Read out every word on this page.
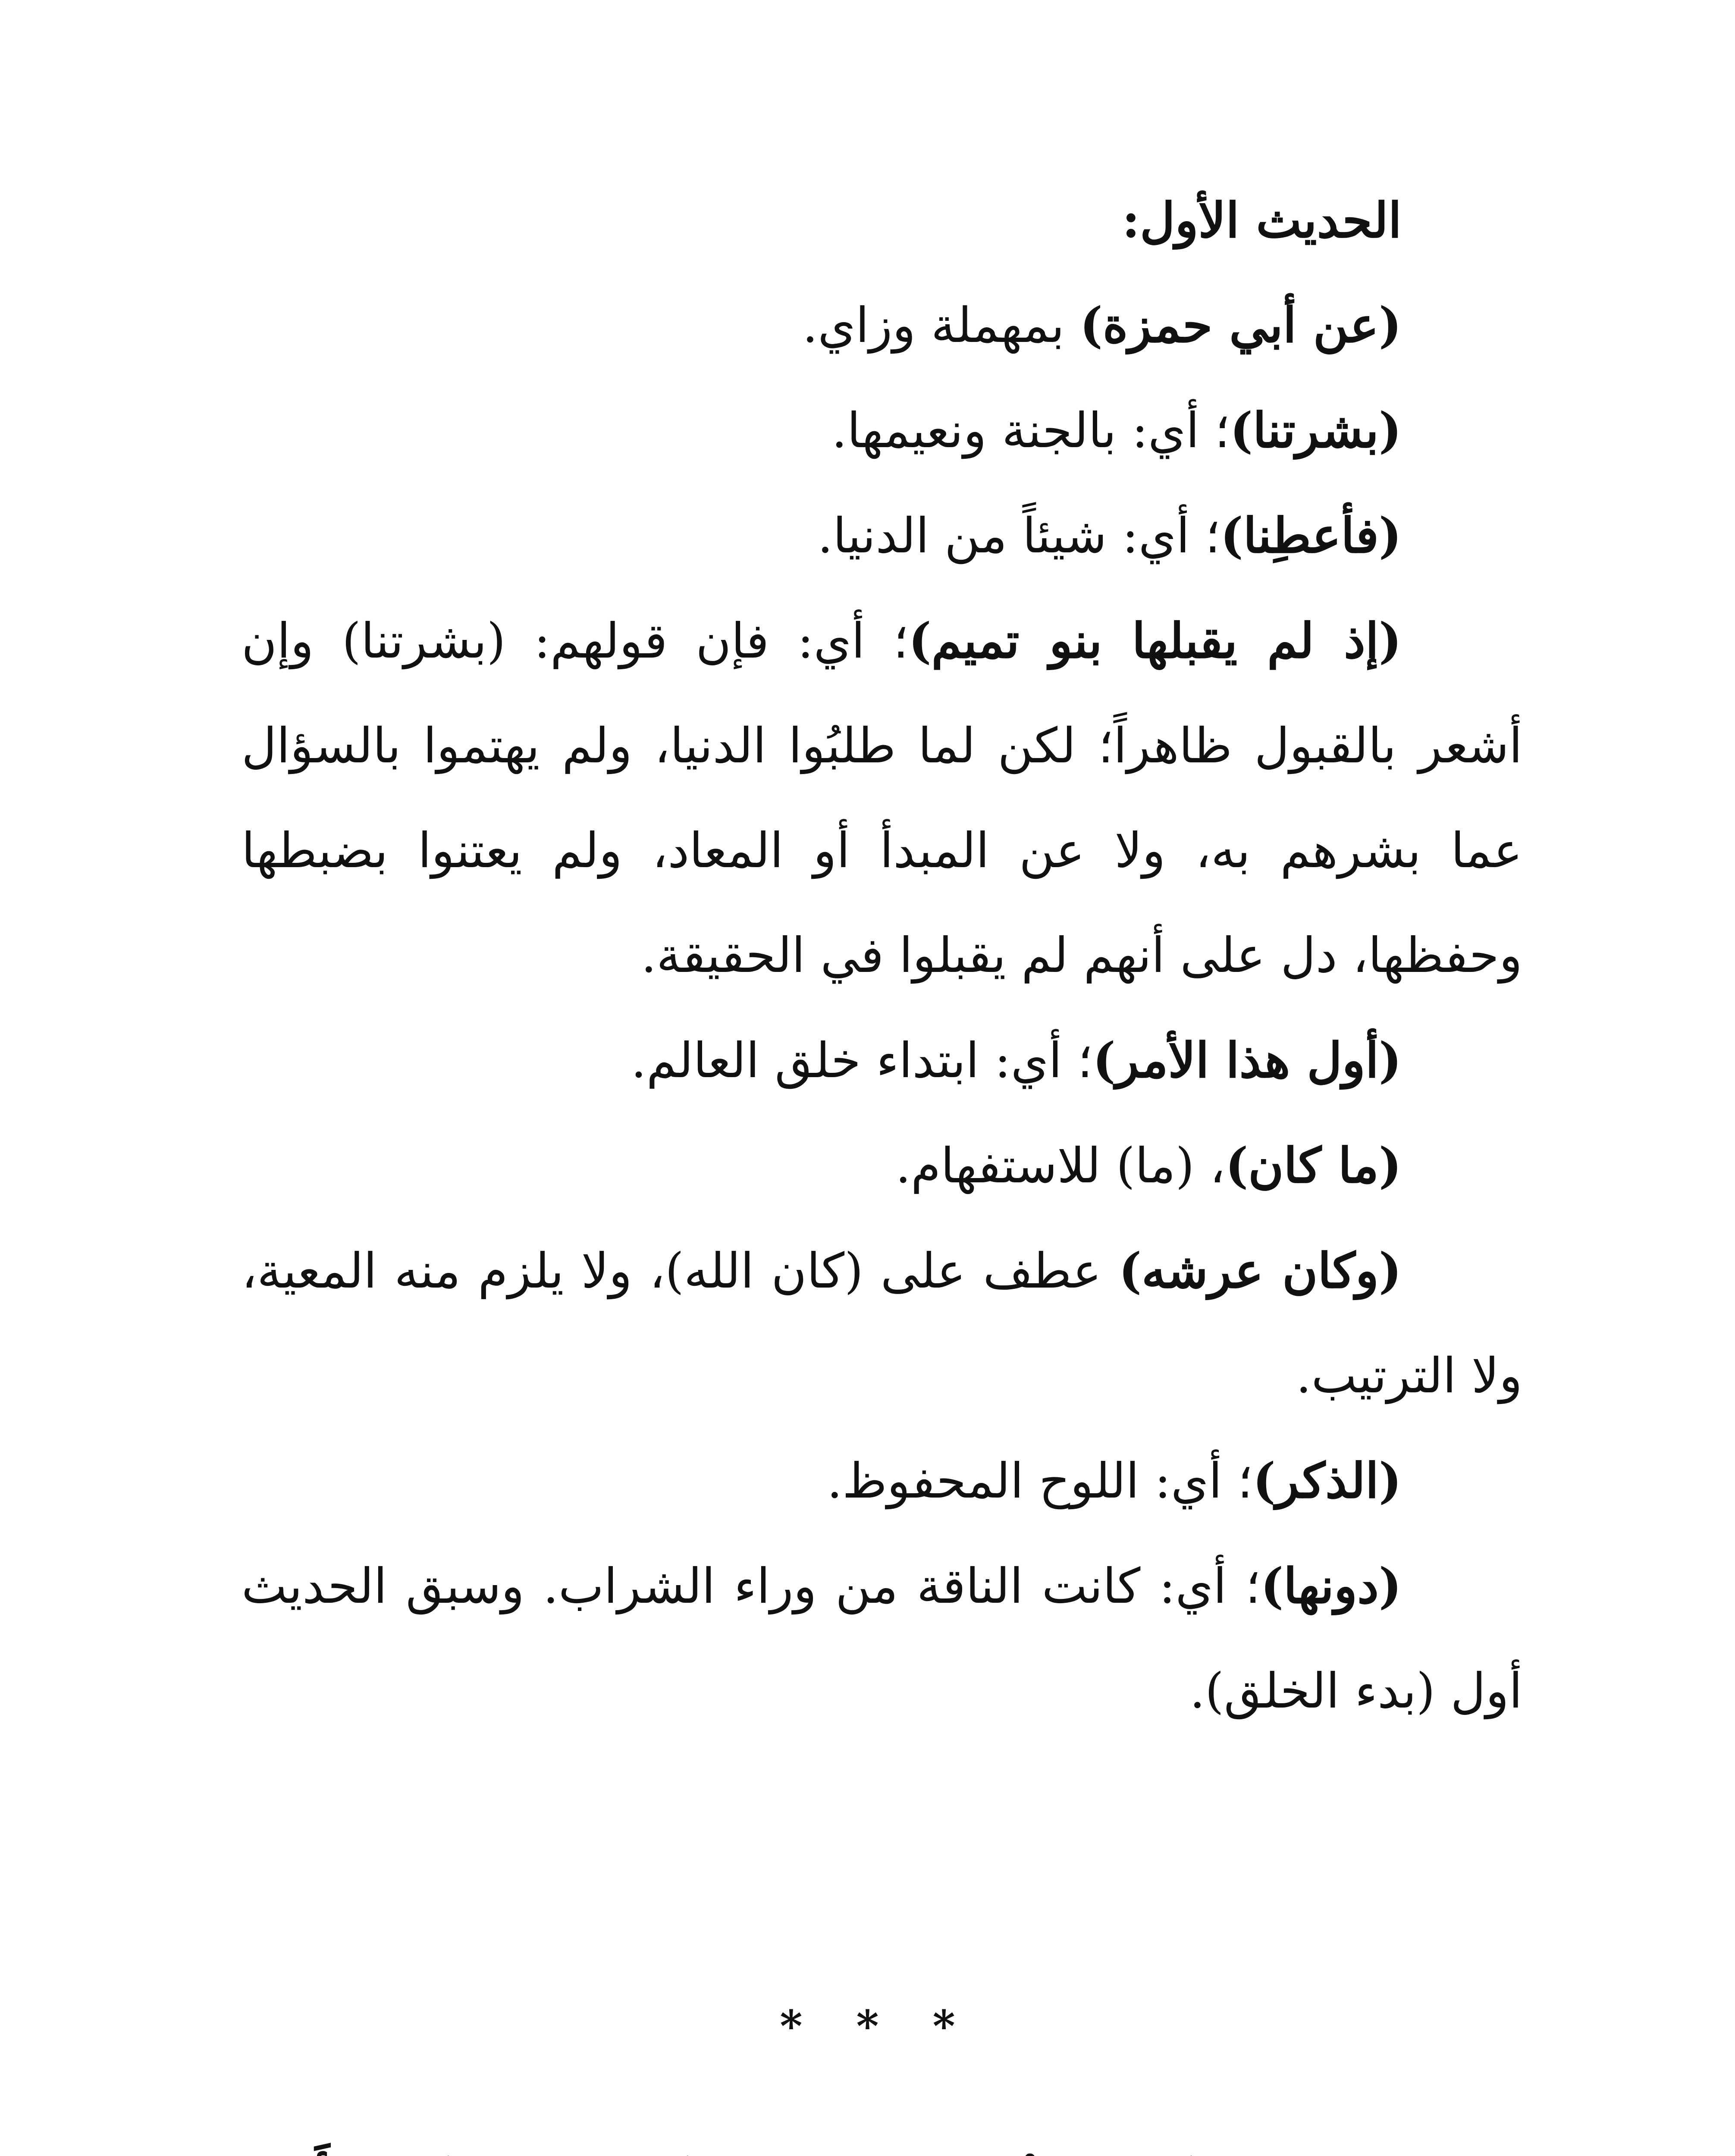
الحديث الأول:

(عن أبي حمزة) بمهملة وزاي.

(بشرتنا)؛ أي: بالجنة ونعيمها.

(فأعطِنا)؛ أي: شيئاً من الدنيا.

(إذ لم يقبلها بنو تميم)؛ أي: فإن قولهم: (بشرتنا) وإن أشعر بالقبول ظاهراً؛ لكن لما طلبُوا الدنيا، ولم يهتموا بالسؤال عما بشرهم به، ولا عن المبدأ أو المعاد، ولم يعتنوا بضبطها وحفظها، دل على أنهم لم يقبلوا في الحقيقة.

(أول هذا الأمر)؛ أي: ابتداء خلق العالم.

(ما كان)، (ما) للاستفهام.

(وكان عرشه) عطف على (كان الله)، ولا يلزم منه المعية، ولا الترتيب.

(الذكر)؛ أي: اللوح المحفوظ.

(دونها)؛ أي: كانت الناقة من وراء الشراب. وسبق الحديث أول (بدء الخلق).

* * *
